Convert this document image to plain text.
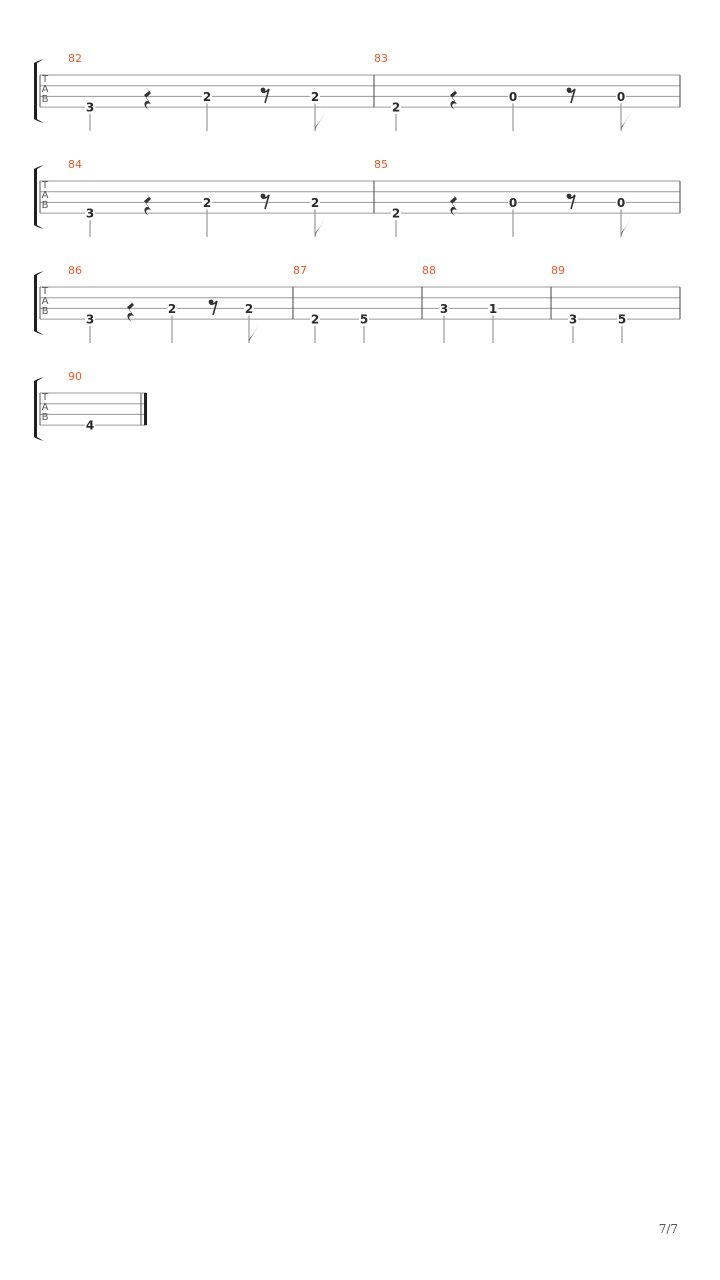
T
A
B
82
3
2	2
83
2
0	0
T
A
B
84
3
2	2
85
2
0	0
T
A
B
86
3
2	2
87
2	5
88
3	1
89
3	5
T
A
B
90
4
7/7
